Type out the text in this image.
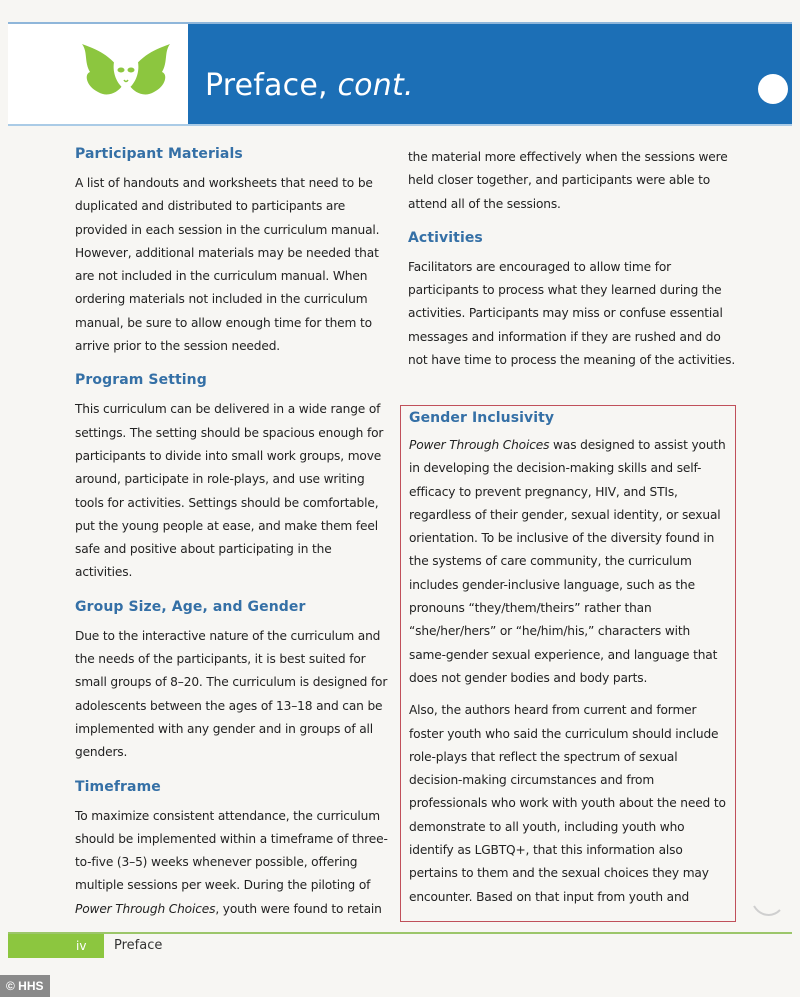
Preface, cont.
Participant Materials

A list of handouts and worksheets that need to be duplicated and distributed to participants are provided in each session in the curriculum manual. However, additional materials may be needed that are not included in the curriculum manual. When ordering materials not included in the curriculum manual, be sure to allow enough time for them to arrive prior to the session needed.

Program Setting

This curriculum can be delivered in a wide range of settings. The setting should be spacious enough for participants to divide into small work groups, move around, participate in role-plays, and use writing tools for activities. Settings should be comfortable, put the young people at ease, and make them feel safe and positive about participating in the activities.

Group Size, Age, and Gender

Due to the interactive nature of the curriculum and the needs of the participants, it is best suited for small groups of 8–20. The curriculum is designed for adolescents between the ages of 13–18 and can be implemented with any gender and in groups of all genders.

Timeframe

To maximize consistent attendance, the curriculum should be implemented within a timeframe of three-to-five (3–5) weeks whenever possible, offering multiple sessions per week. During the piloting of Power Through Choices, youth were found to retain

the material more effectively when the sessions were held closer together, and participants were able to attend all of the sessions.

Activities

Facilitators are encouraged to allow time for participants to process what they learned during the activities. Participants may miss or confuse essential messages and information if they are rushed and do not have time to process the meaning of the activities.

Gender Inclusivity

Power Through Choices was designed to assist youth in developing the decision-making skills and self-efficacy to prevent pregnancy, HIV, and STIs, regardless of their gender, sexual identity, or sexual orientation. To be inclusive of the diversity found in the systems of care community, the curriculum includes gender-inclusive language, such as the pronouns “they/them/theirs” rather than “she/her/hers” or “he/him/his,” characters with same-gender sexual experience, and language that does not gender bodies and body parts.

Also, the authors heard from current and former foster youth who said the curriculum should include role-plays that reflect the spectrum of sexual decision-making circumstances and from professionals who work with youth about the need to demonstrate to all youth, including youth who identify as LGBTQ+, that this information also pertains to them and the sexual choices they may encounter. Based on that input from youth and

iv	Preface
© HHS
